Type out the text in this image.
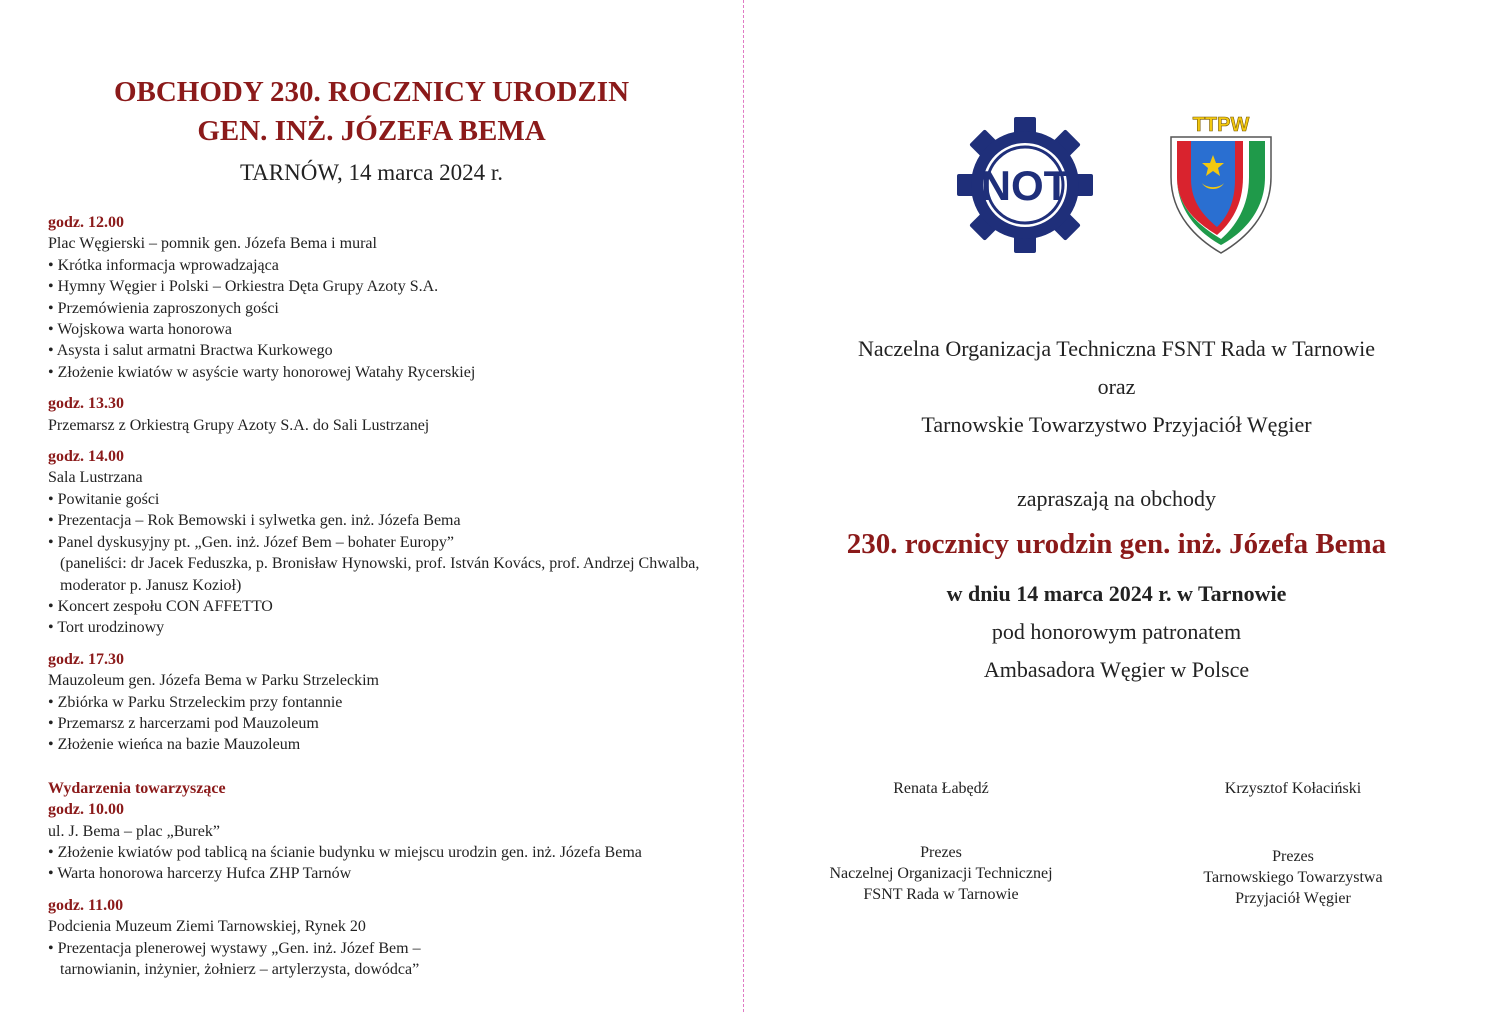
OBCHODY 230. ROCZNICY URODZIN
GEN. INŻ. JÓZEFA BEMA
TARNÓW, 14 marca 2024 r.
godz. 12.00
Plac Węgierski – pomnik gen. Józefa Bema i mural
• Krótka informacja wprowadzająca
• Hymny Węgier i Polski – Orkiestra Dęta Grupy Azoty S.A.
• Przemówienia zaproszonych gości
• Wojskowa warta honorowa
• Asysta i salut armatni Bractwa Kurkowego
• Złożenie kwiatów w asyście warty honorowej Watahy Rycerskiej
godz. 13.30
Przemarsz z Orkiestrą Grupy Azoty S.A. do Sali Lustrzanej
godz. 14.00
Sala Lustrzana
• Powitanie gości
• Prezentacja – Rok Bemowski i sylwetka gen. inż. Józefa Bema
• Panel dyskusyjny pt. „Gen. inż. Józef Bem – bohater Europy”
(paneliści: dr Jacek Feduszka, p. Bronisław Hynowski, prof. István Kovács, prof. Andrzej Chwalba, moderator p. Janusz Kozioł)
• Koncert zespołu CON AFFETTO
• Tort urodzinowy
godz. 17.30
Mauzoleum gen. Józefa Bema w Parku Strzeleckim
• Zbiórka w Parku Strzeleckim przy fontannie
• Przemarsz z harcerzami pod Mauzoleum
• Złożenie wieńca na bazie Mauzoleum
Wydarzenia towarzyszące
godz. 10.00
ul. J. Bema – plac „Burek”
• Złożenie kwiatów pod tablicą na ścianie budynku w miejscu urodzin gen. inż. Józefa Bema
• Warta honorowa harcerzy Hufca ZHP Tarnów
godz. 11.00
Podcienia Muzeum Ziemi Tarnowskiej, Rynek 20
• Prezentacja plenerowej wystawy „Gen. inż. Józef Bem – tarnowianin, inżynier, żołnierz – artylerzysta, dowódca”
NOT
TTPW
Naczelna Organizacja Techniczna FSNT Rada w Tarnowie
oraz
Tarnowskie Towarzystwo Przyjaciół Węgier
zapraszają na obchody
230. rocznicy urodzin gen. inż. Józefa Bema
w dniu 14 marca 2024 r. w Tarnowie
pod honorowym patronatem
Ambasadora Węgier w Polsce
Renata Łabędź
Prezes
Naczelnej Organizacji Technicznej
FSNT Rada w Tarnowie
Krzysztof Kołaciński
Prezes
Tarnowskiego Towarzystwa
Przyjaciół Węgier
